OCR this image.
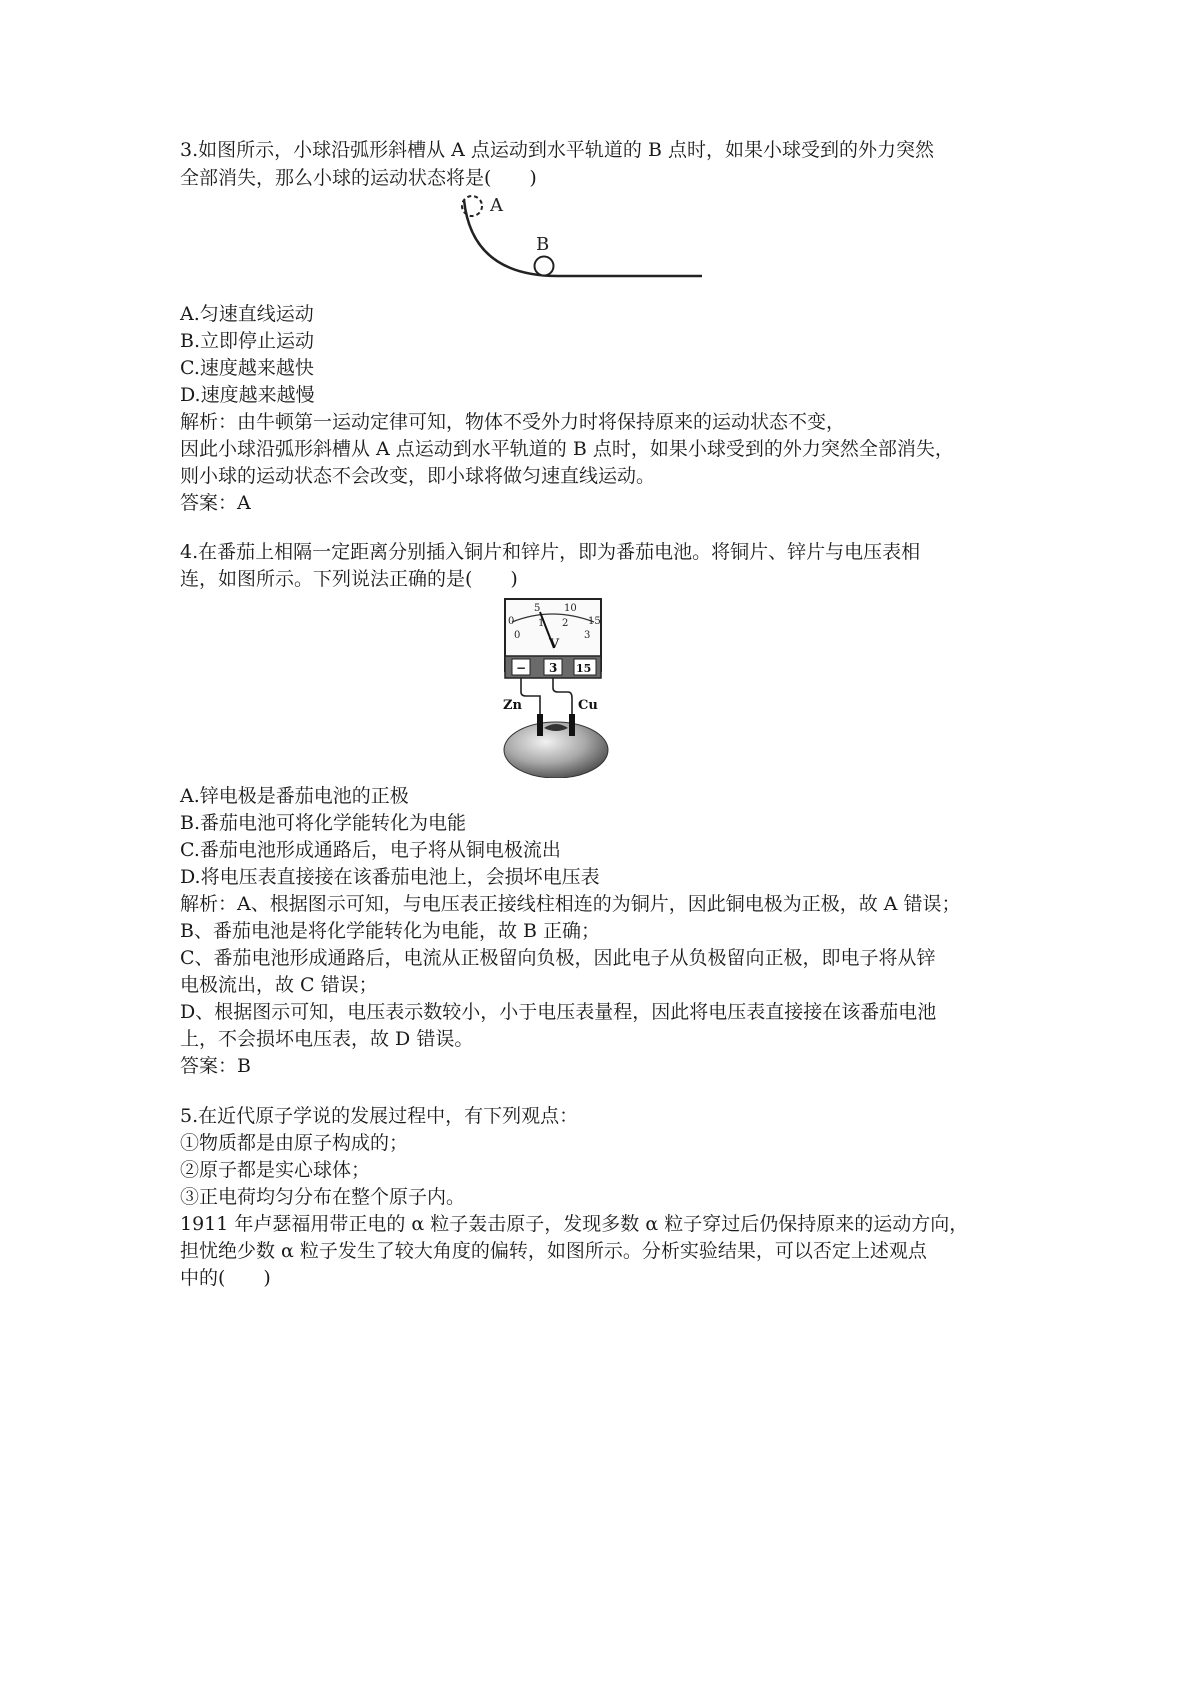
3.如图所示，小球沿弧形斜槽从 A 点运动到水平轨道的 B 点时，如果小球受到的外力突然
全部消失，那么小球的运动状态将是(　　)
A
B
A.匀速直线运动
B.立即停止运动
C.速度越来越快
D.速度越来越慢
解析：由牛顿第一运动定律可知，物体不受外力时将保持原来的运动状态不变，
因此小球沿弧形斜槽从 A 点运动到水平轨道的 B 点时，如果小球受到的外力突然全部消失，
则小球的运动状态不会改变，即小球将做匀速直线运动。
答案：A
4.在番茄上相隔一定距离分别插入铜片和锌片，即为番茄电池。将铜片、锌片与电压表相
连，如图所示。下列说法正确的是(　　)
0
5 10
15
0
1 2
3
V
− 3 15
Zn	Cu
A.锌电极是番茄电池的正极
B.番茄电池可将化学能转化为电能
C.番茄电池形成通路后，电子将从铜电极流出
D.将电压表直接接在该番茄电池上，会损坏电压表
解析：A、根据图示可知，与电压表正接线柱相连的为铜片，因此铜电极为正极，故 A 错误；
B、番茄电池是将化学能转化为电能，故 B 正确；
C、番茄电池形成通路后，电流从正极留向负极，因此电子从负极留向正极，即电子将从锌
电极流出，故 C 错误；
D、根据图示可知，电压表示数较小，小于电压表量程，因此将电压表直接接在该番茄电池
上，不会损坏电压表，故 D 错误。
答案：B
5.在近代原子学说的发展过程中，有下列观点：
①物质都是由原子构成的；
②原子都是实心球体；
③正电荷均匀分布在整个原子内。
1911 年卢瑟福用带正电的 α 粒子轰击原子，发现多数 α 粒子穿过后仍保持原来的运动方向，
担忧绝少数 α 粒子发生了较大角度的偏转，如图所示。分析实验结果，可以否定上述观点
中的(　　)
